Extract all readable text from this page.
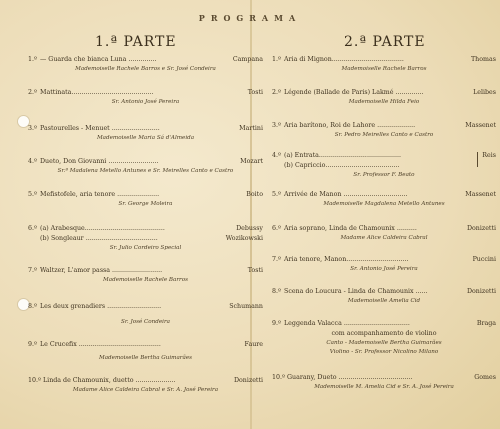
PROGRAMA
1.ª PARTE	2.ª PARTE
1.º — Guarda che bianca Luna ..............	Campana
Mademoiselle Rachele Barros e Sr. José Condeira
2.º Mattinata.........................................	Tosti
Sr. Antonio José Pereira
3.º Pastourelles - Menuet ........................	Martini
Mademoiselle Maria Sá d'Almeida
4.º Dueto, Don Giovanni .........................	Mozart
Sr.ª Madalena Metello Antunes e Sr. Meirelles Canto e Castro
5.º Mefistofele, aria tenore .....................	Boito
Sr. George Moleira
6.º (a) Arabesque........................................	Debussy
(b) Songleaur ....................................	Wozikowski
Sr. Julio Cordeiro Special
7.º Waltzer, L'amor passa .........................	Tosti
Mademoiselle Rachele Barros
8.º Les deux grenadiers ...........................	Schumann
Sr. José Condeira
9.º Le Crucefix .........................................	Faure
Mademoiselle Bertha Guimarães
10.º Linda de Chamounix, duetto ....................	Donizetti
Madame Alice Caldeira Cabral e Sr. A. José Pereira
1.º Aria di Mignon....................................	Thomas
Mademoiselle Rachele Barros
2.º Légende (Ballade de Paris) Lakmé ..............	Lelibes
Mademoiselle Hilda Feio
3.º Aria barítono, Roi de Lahore ...................	Massenet
Sr. Pedro Meirelles Canto e Castro
4.º (a) Entrata.........................................	Reis
(b) Capriccio.....................................
Sr. Professor F. Beato
5.º Arrivée de Manon ................................	Massenet
Mademoiselle Magdalena Metello Antunes
6.º Aria soprano, Linda de Chamounix ..........	Donizetti
Madame Alice Caldeira Cabral
7.º Aria tenore, Manon...............................	Puccini
Sr. Antonio José Pereira
8.º Scena do Loucura - Linda de Chamounix ......	Donizetti
Mademoiselle Amelia Cid
9.º Leggenda Valacca .................................	Braga
com acompanhamento de violino
Canto - Mademoiselle Bertha Guimarães
Violino - Sr. Professor Nicolino Milano
10.º Guarany, Dueto .....................................	Gomes
Mademoiselle M. Amelia Cid e Sr. A. José Pereira
